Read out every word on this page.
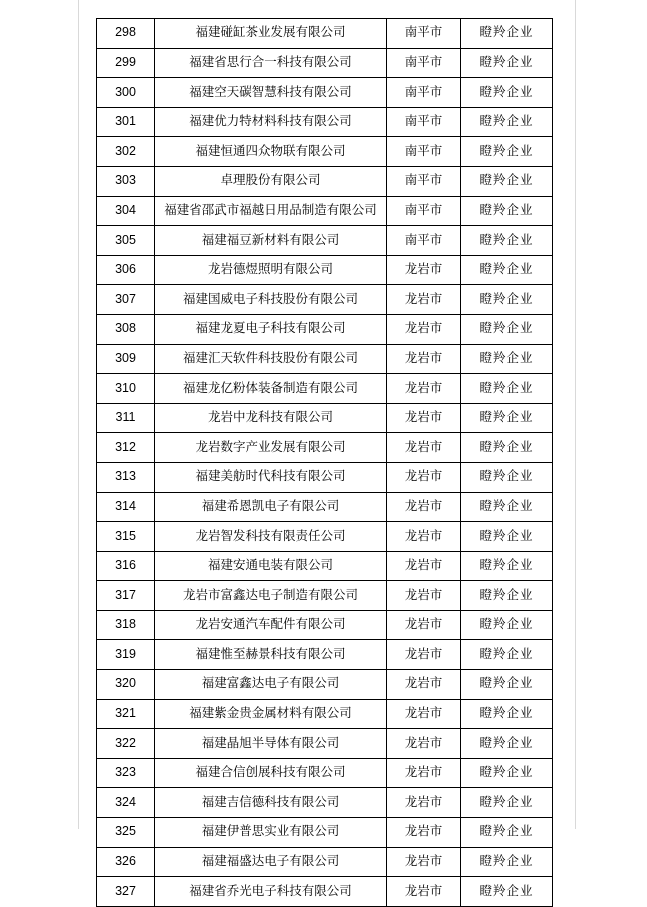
298	福建碰缸茶业发展有限公司	南平市	瞪羚企业
299	福建省思行合一科技有限公司	南平市	瞪羚企业
300	福建空天碳智慧科技有限公司	南平市	瞪羚企业
301	福建优力特材料科技有限公司	南平市	瞪羚企业
302	福建恒通四众物联有限公司	南平市	瞪羚企业
303	卓理股份有限公司	南平市	瞪羚企业
304	福建省邵武市福越日用品制造有限公司	南平市	瞪羚企业
305	福建福豆新材料有限公司	南平市	瞪羚企业
306	龙岩德煜照明有限公司	龙岩市	瞪羚企业
307	福建国威电子科技股份有限公司	龙岩市	瞪羚企业
308	福建龙夏电子科技有限公司	龙岩市	瞪羚企业
309	福建汇天软件科技股份有限公司	龙岩市	瞪羚企业
310	福建龙亿粉体装备制造有限公司	龙岩市	瞪羚企业
311	龙岩中龙科技有限公司	龙岩市	瞪羚企业
312	龙岩数字产业发展有限公司	龙岩市	瞪羚企业
313	福建美舫时代科技有限公司	龙岩市	瞪羚企业
314	福建希恩凯电子有限公司	龙岩市	瞪羚企业
315	龙岩智发科技有限责任公司	龙岩市	瞪羚企业
316	福建安通电装有限公司	龙岩市	瞪羚企业
317	龙岩市富鑫达电子制造有限公司	龙岩市	瞪羚企业
318	龙岩安通汽车配件有限公司	龙岩市	瞪羚企业
319	福建惟至赫景科技有限公司	龙岩市	瞪羚企业
320	福建富鑫达电子有限公司	龙岩市	瞪羚企业
321	福建紫金贵金属材料有限公司	龙岩市	瞪羚企业
322	福建晶旭半导体有限公司	龙岩市	瞪羚企业
323	福建合信创展科技有限公司	龙岩市	瞪羚企业
324	福建吉信德科技有限公司	龙岩市	瞪羚企业
325	福建伊普思实业有限公司	龙岩市	瞪羚企业
326	福建福盛达电子有限公司	龙岩市	瞪羚企业
327	福建省乔光电子科技有限公司	龙岩市	瞪羚企业
